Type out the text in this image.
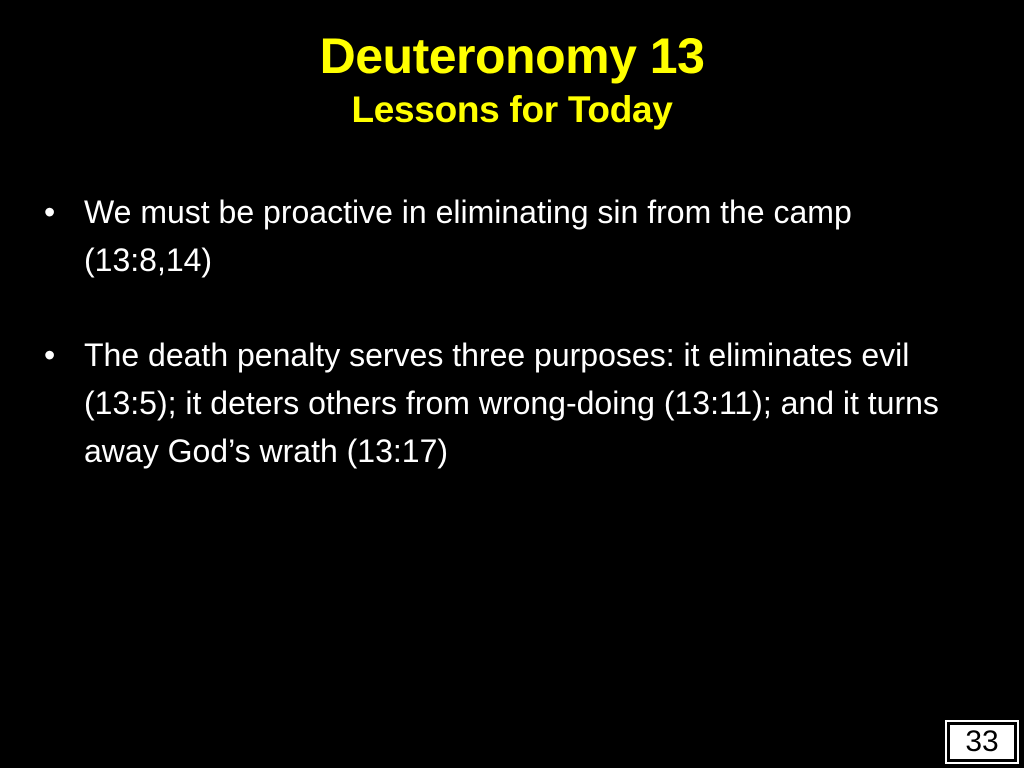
Deuteronomy 13
Lessons for Today
• We must be proactive in eliminating sin from the camp (13:8,14)
• The death penalty serves three purposes: it eliminates evil (13:5); it deters others from wrong-doing (13:11); and it turns away God’s wrath (13:17)
33
